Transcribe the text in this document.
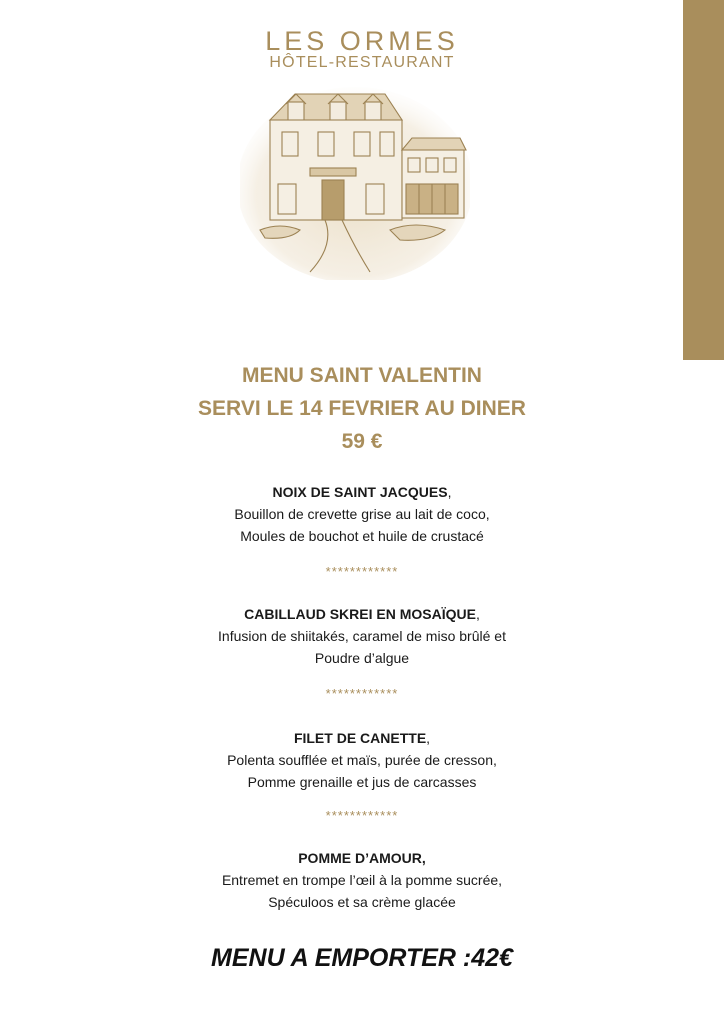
LES ORMES
HÔTEL-RESTAURANT
MENU SAINT VALENTIN
SERVI LE 14 FEVRIER AU DINER
59 €
NOIX DE SAINT JACQUES,
Bouillon de crevette grise au lait de coco,
Moules de bouchot et huile de crustacé
************
CABILLAUD SKREI EN MOSAÏQUE,
Infusion de shiitakés, caramel de miso brûlé et
Poudre d’algue
************
FILET DE CANETTE,
Polenta soufflée et maïs, purée de cresson,
Pomme grenaille et jus de carcasses
************
POMME D’AMOUR,
Entremet en trompe l’œil à la pomme sucrée,
Spéculoos et sa crème glacée
MENU A EMPORTER :42€
